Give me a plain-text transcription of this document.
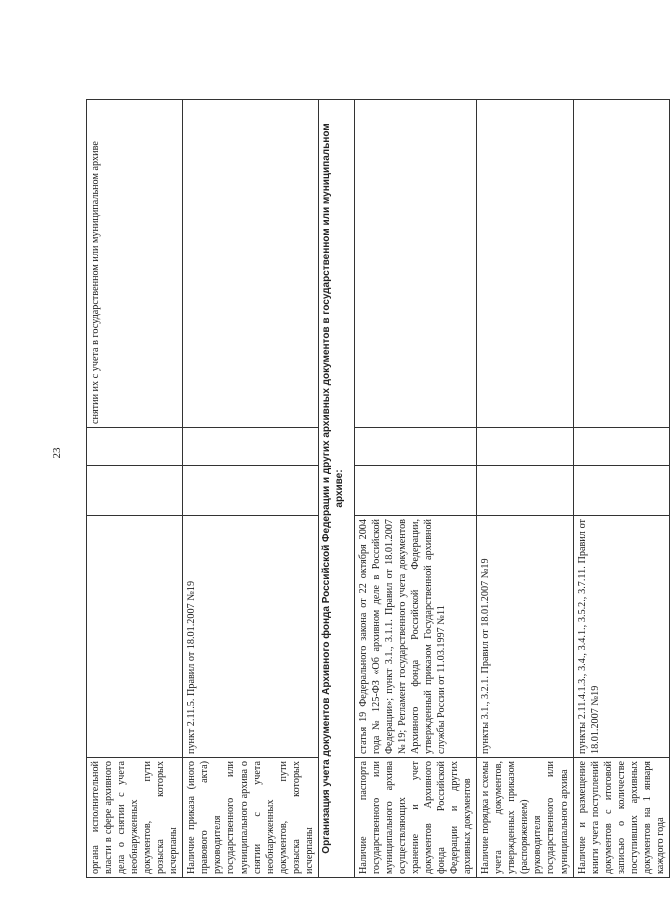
23
органа исполнительной власти в сфере архивного дела о снятии с учета необнаруженных документов, пути розыска которых исчерпаны				снятии их с учета в государственном или муниципальном архиве
Наличие приказа (иного правового акта) руководителя государственного или муниципального архива о снятии с учета необнаруженных документов, пути розыска которых исчерпаны	пункт 2.11.5. Правил от 18.01.2007 №19			
Организация учета документов Архивного фонда Российской Федерации и других архивных документов в государственном или муниципальном архиве:				
Наличие паспорта государственного или муниципального архива осуществляющих хранение и учет документов Архивного фонда Российской Федерации и других архивных документов	статья 19 Федерального закона от 22 октября 2004 года № 125-ФЗ «Об архивном деле в Российской Федерации»; пункт 3.1., 3.1.1. Правил от 18.01.2007 №19; Регламент государственного учета документов Архивного фонда Российской Федерации, утвержденный приказом Государственной архивной службы России от 11.03.1997 №11			
Наличие порядка и схемы учета документов, утвержденных приказом (распоряжением) руководителя государственного или муниципального архива	пункты 3.1., 3.2.1. Правил от 18.01.2007 №19			
Наличие и размещение книги учета поступлений документов с итоговой записью о количестве поступивших архивных документов на 1 января каждого года	пункты 2.11.4.1.3., 3.4., 3.4.1., 3.5.2., 3.7.11. Правил от 18.01.2007 №19			
